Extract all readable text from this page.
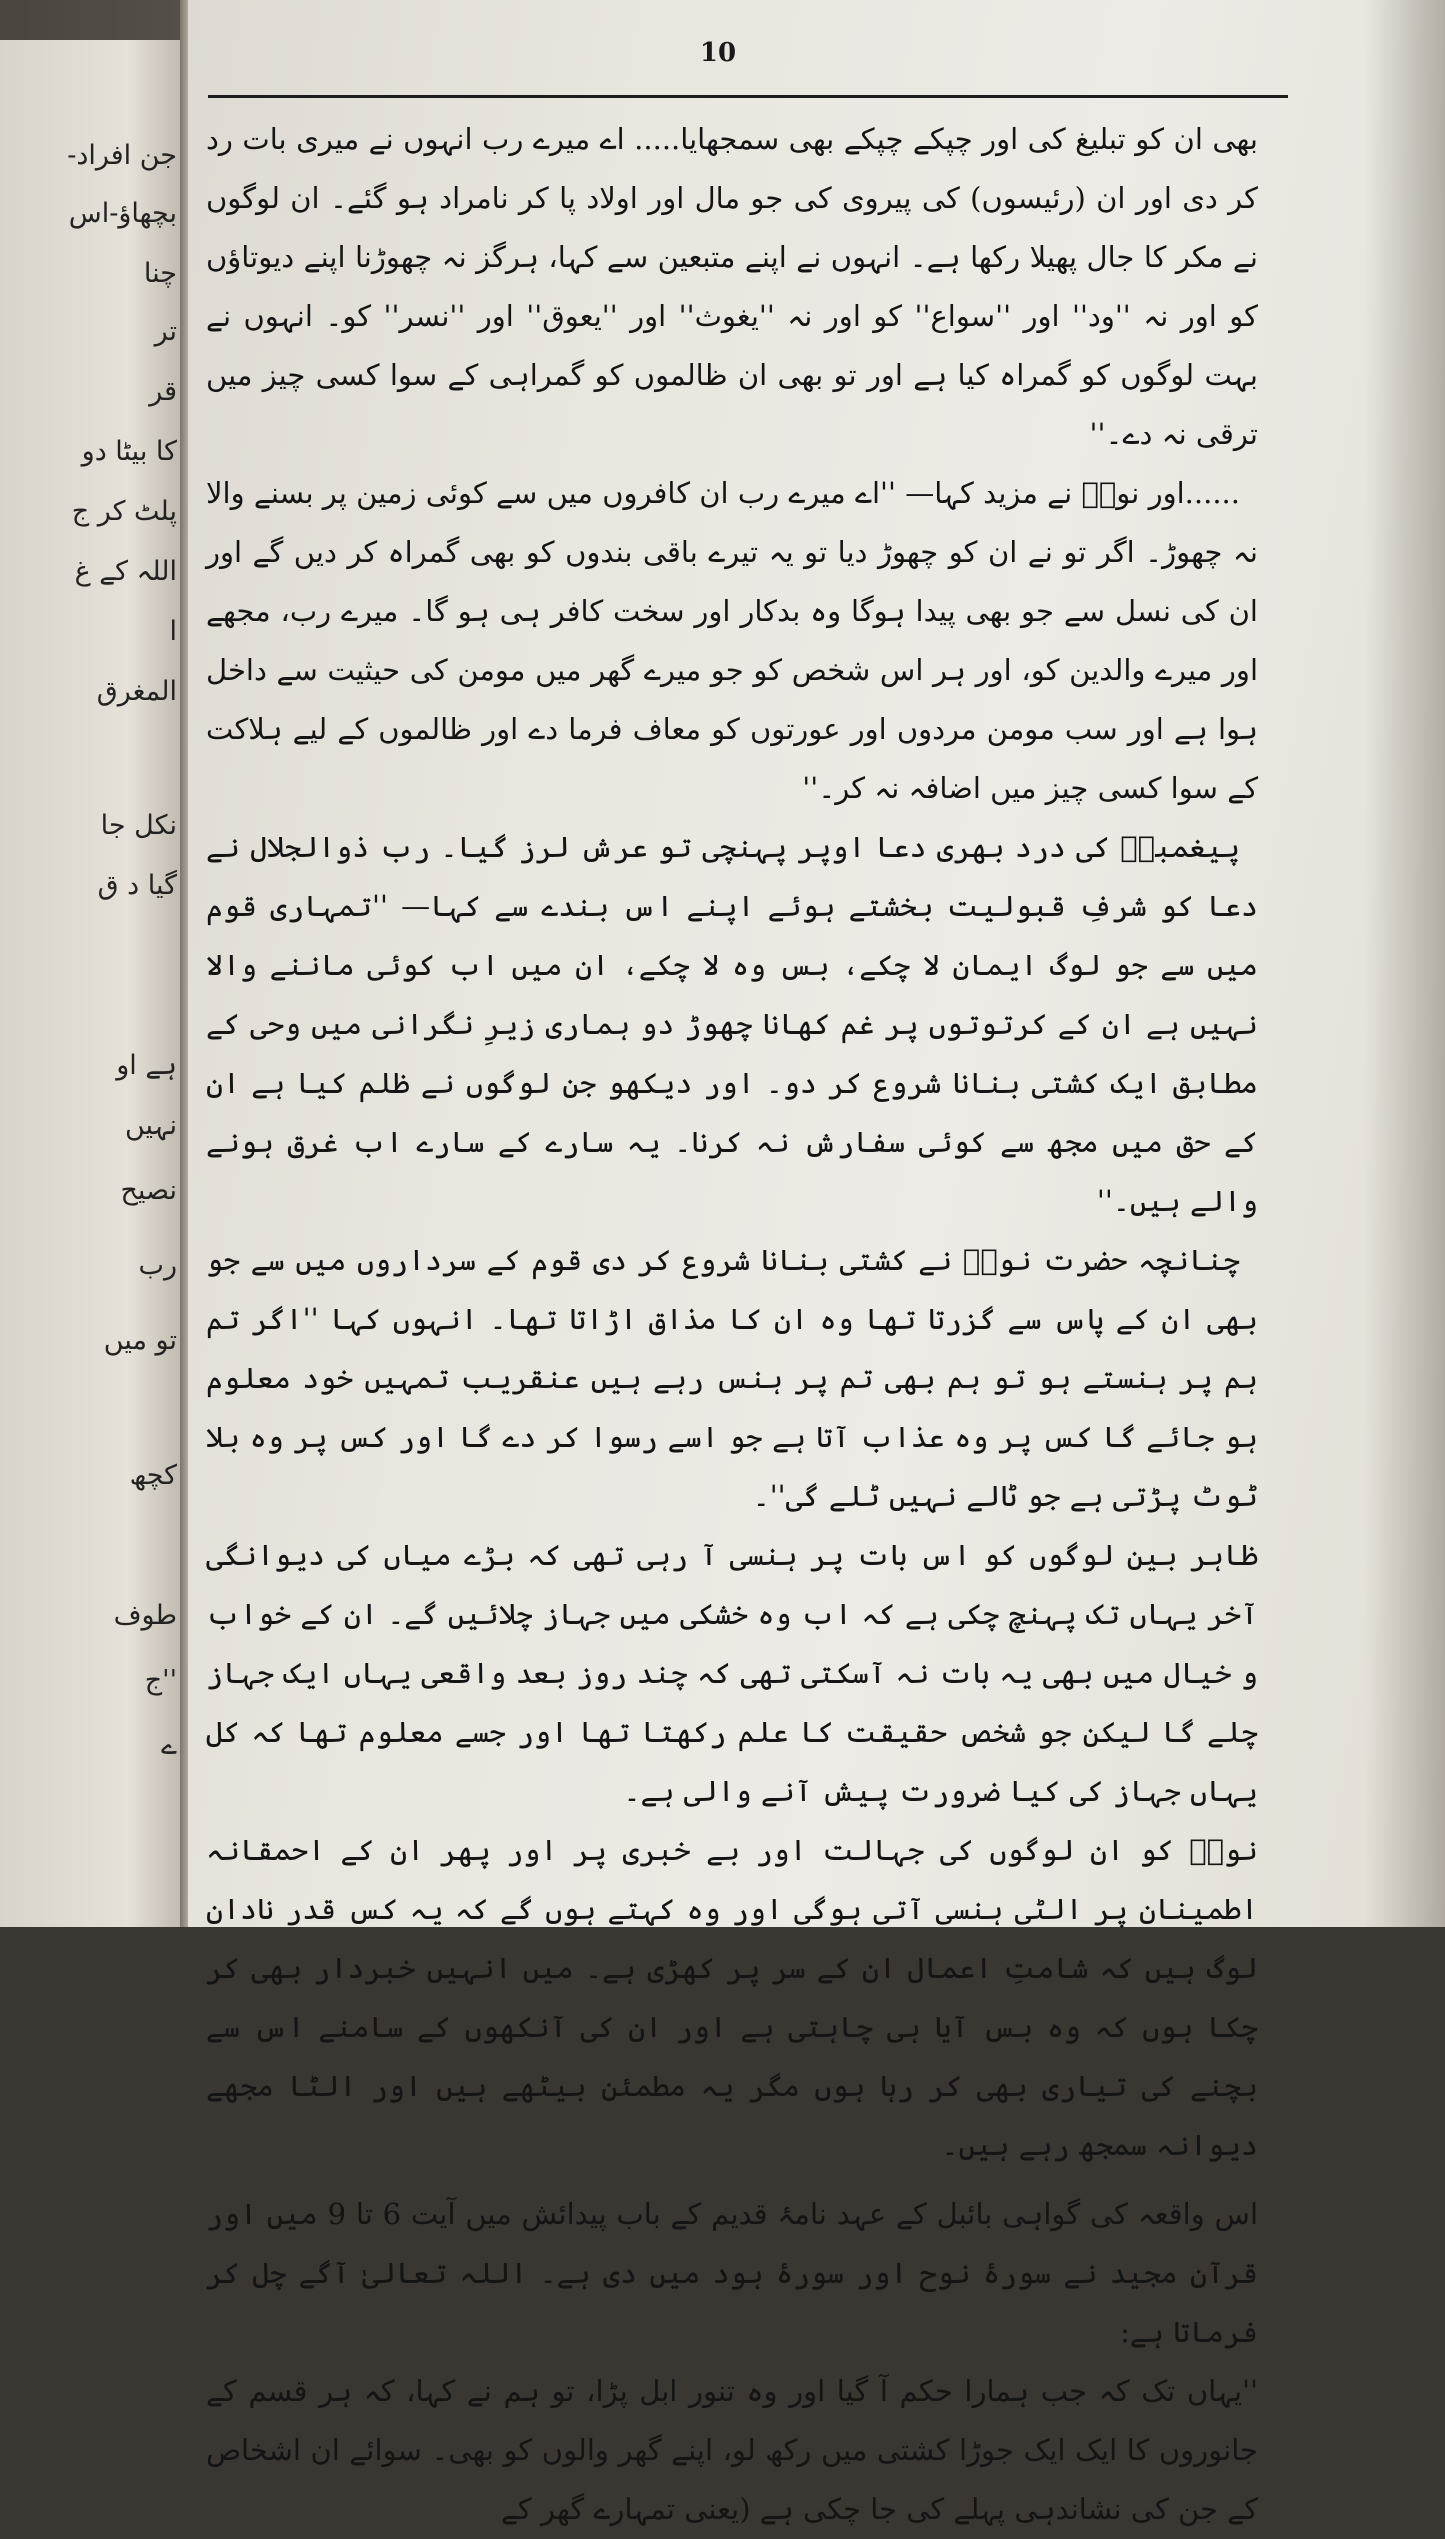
جن افراد-
بچھاؤ-اس
چنا
تر
قر
کا بیٹا دو
پلٹ کر ج
اللہ کے غ
ا
المغرق
نکل جا
گیا د ق
ہے او
نہیں
نصیح
رب
تو میں
کچھ
طوف
''ج
ے
10

بھی ان کو تبلیغ کی اور چپکے چپکے بھی سمجھایا..... اے میرے رب انہوں نے میری بات رد کر دی اور ان (رئیسوں) کی پیروی کی جو مال اور اولاد پا کر نامراد ہو گئے۔ ان لوگوں نے مکر کا جال پھیلا رکھا ہے۔ انہوں نے اپنے متبعین سے کہا، ہرگز نہ چھوڑنا اپنے دیوتاؤں کو اور نہ ''ود'' اور ''سواع'' کو اور نہ ''یغوث'' اور ''یعوق'' اور ''نسر'' کو۔ انہوں نے بہت لوگوں کو گمراہ کیا ہے اور تو بھی ان ظالموں کو گمراہی کے سوا کسی چیز میں ترقی نہ دے۔''

......اور نوحؑ نے مزید کہا— ''اے میرے رب ان کافروں میں سے کوئی زمین پر بسنے والا نہ چھوڑ۔ اگر تو نے ان کو چھوڑ دیا تو یہ تیرے باقی بندوں کو بھی گمراہ کر دیں گے اور ان کی نسل سے جو بھی پیدا ہوگا وہ بدکار اور سخت کافر ہی ہو گا۔ میرے رب، مجھے اور میرے والدین کو، اور ہر اس شخص کو جو میرے گھر میں مومن کی حیثیت سے داخل ہوا ہے اور سب مومن مردوں اور عورتوں کو معاف فرما دے اور ظالموں کے لیے ہلاکت کے سوا کسی چیز میں اضافہ نہ کر۔''

پیغمبرؑ کی درد بھری دعا اوپر پہنچی تو عرش لرز گیا۔ رب ذوالجلال نے دعا کو شرفِ قبولیت بخشتے ہوئے اپنے اس بندے سے کہا— ''تمہاری قوم میں سے جو لوگ ایمان لا چکے، بس وہ لا چکے، ان میں اب کوئی ماننے والا نہیں ہے ان کے کرتوتوں پر غم کھانا چھوڑ دو ہماری زیرِ نگرانی میں وحی کے مطابق ایک کشتی بنانا شروع کر دو۔ اور دیکھو جن لوگوں نے ظلم کیا ہے ان کے حق میں مجھ سے کوئی سفارش نہ کرنا۔ یہ سارے کے سارے اب غرق ہونے والے ہیں۔''

چنانچہ حضرت نوحؑ نے کشتی بنانا شروع کر دی قوم کے سرداروں میں سے جو بھی ان کے پاس سے گزرتا تھا وہ ان کا مذاق اڑاتا تھا۔ انہوں کہا ''اگر تم ہم پر ہنستے ہو تو ہم بھی تم پر ہنس رہے ہیں عنقریب تمہیں خود معلوم ہو جائے گا کس پر وہ عذاب آتا ہے جو اسے رسوا کر دے گا اور کس پر وہ بلا ٹوٹ پڑتی ہے جو ٹالے نہیں ٹلے گی''۔

ظاہر بین لوگوں کو اس بات پر ہنسی آ رہی تھی کہ بڑے میاں کی دیوانگی آخر یہاں تک پہنچ چکی ہے کہ اب وہ خشکی میں جہاز چلائیں گے۔ ان کے خواب و خیال میں بھی یہ بات نہ آسکتی تھی کہ چند روز بعد واقعی یہاں ایک جہاز چلے گا لیکن جو شخص حقیقت کا علم رکھتا تھا اور جسے معلوم تھا کہ کل یہاں جہاز کی کیا ضرورت پیش آنے والی ہے۔

نوحؑ کو ان لوگوں کی جہالت اور بے خبری پر اور پھر ان کے احمقانہ اطمینان پر الٹی ہنسی آتی ہوگی اور وہ کہتے ہوں گے کہ یہ کس قدر نادان لوگ ہیں کہ شامتِ اعمال ان کے سر پر کھڑی ہے۔ میں انہیں خبردار بھی کر چکا ہوں کہ وہ بس آیا ہی چاہتی ہے اور ان کی آنکھوں کے سامنے اس سے بچنے کی تیاری بھی کر رہا ہوں مگر یہ مطمئن بیٹھے ہیں اور الٹا مجھے دیوانہ سمجھ رہے ہیں۔

اس واقعہ کی گواہی بائبل کے عہد نامۂ قدیم کے باب پیدائش میں آیت 6 تا 9 میں اور قرآن مجید نے سورۂ نوح اور سورۂ ہود میں دی ہے۔ اللہ تعالیٰ آگے چل کر فرماتا ہے:

''یہاں تک کہ جب ہمارا حکم آ گیا اور وہ تنور ابل پڑا، تو ہم نے کہا، کہ ہر قسم کے جانوروں کا ایک ایک جوڑا کشتی میں رکھ لو، اپنے گھر والوں کو بھی۔ سوائے ان اشخاص کے جن کی نشاندہی پہلے کی جا چکی ہے (یعنی تمہارے گھر کے
